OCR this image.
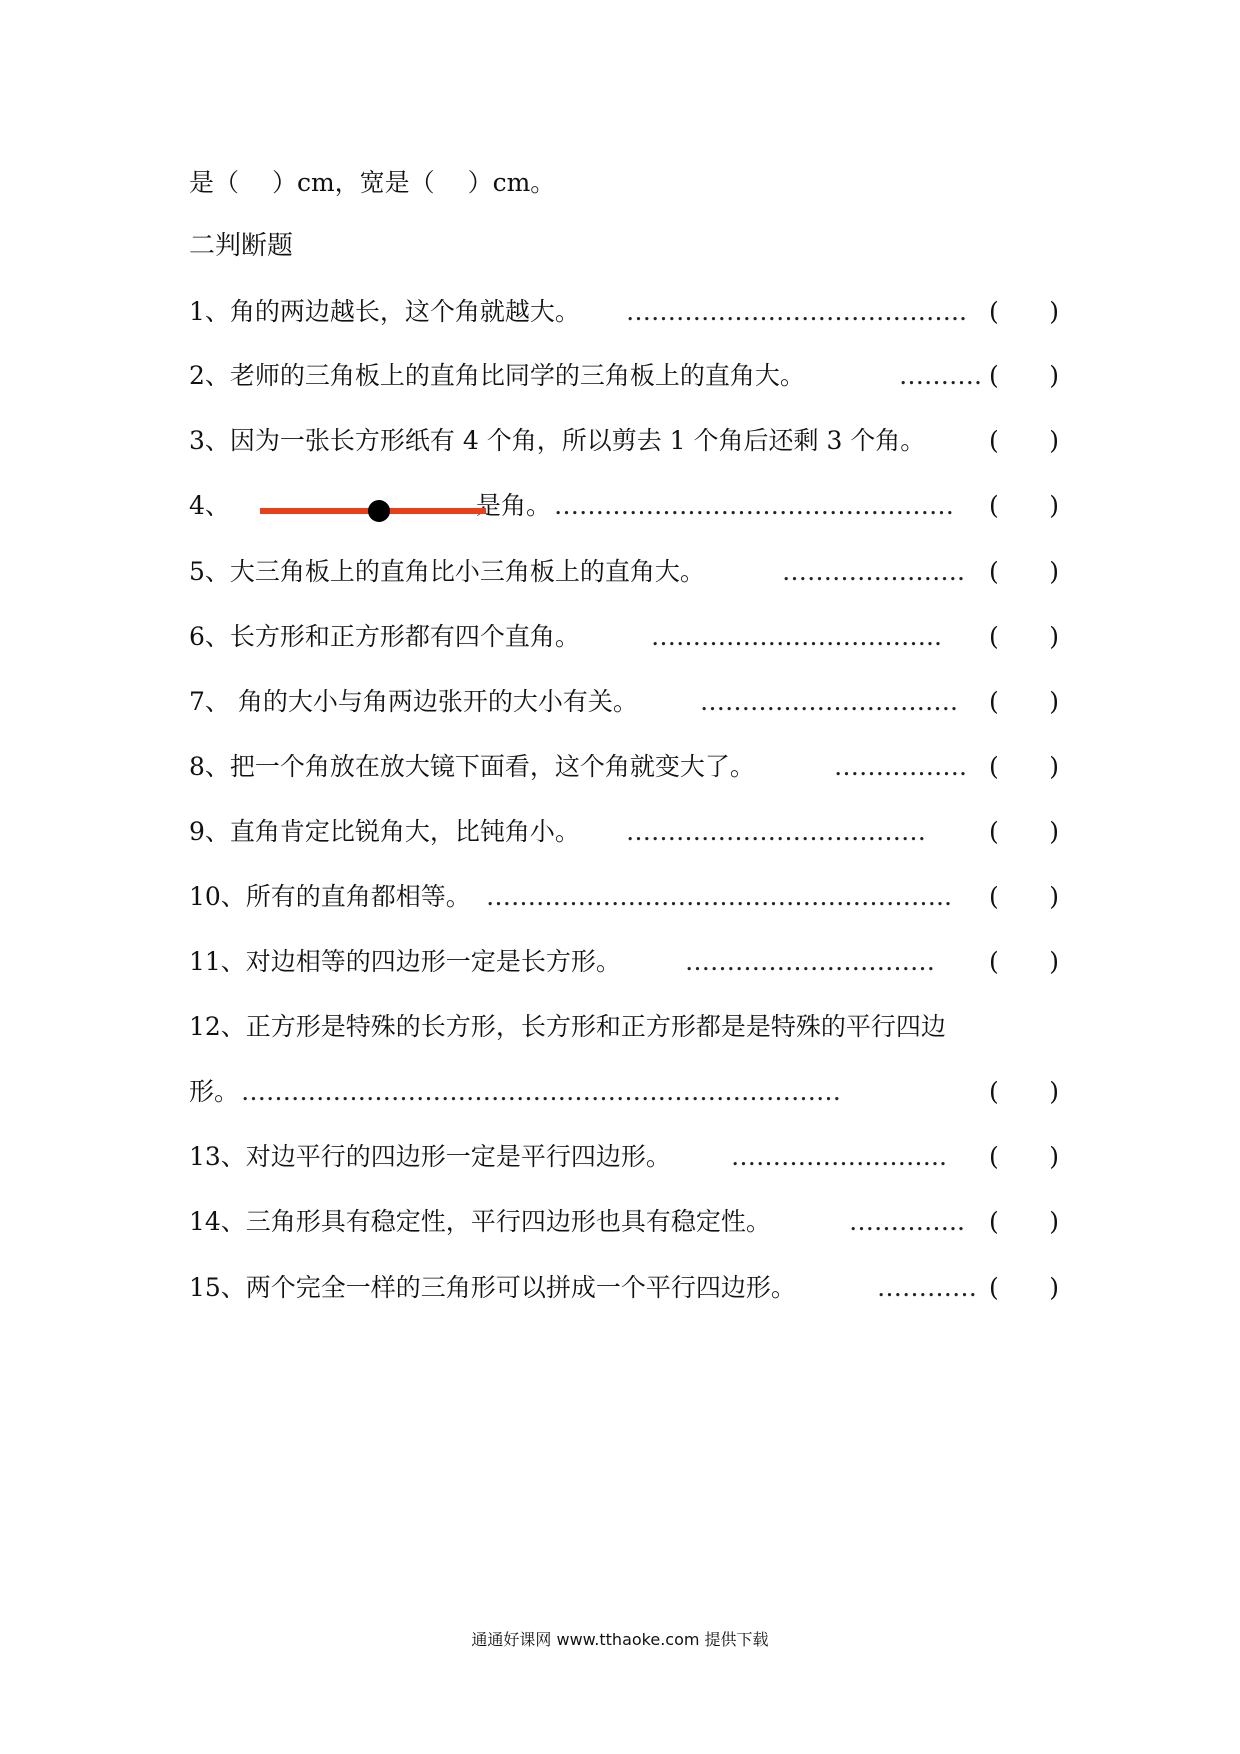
是（　 ）cm，宽是（　 ）cm。
二判断题
1、角的两边越长，这个角就越大。 ………………………………….. ( )
2、老师的三角板上的直角比同学的三角板上的直角大。	………. ( )
3、因为一张长方形纸有 4 个角，所以剪去 1 个角后还剩 3 个角。	( )
4、	是角。 ………………………………………… ( )
5、大三角板上的直角比小三角板上的直角大。	…………………. ( )
6、长方形和正方形都有四个直角。	…………………………….. ( )
7、 角的大小与角两边张开的大小有关。 …………………………. ( )
8、把一个角放在放大镜下面看，这个角就变大了。	……………. ( )
9、直角肯定比锐角大，比钝角小。 ………………………………	( )
10、所有的直角都相等。 ……………………………………………….. ( )
11、对边相等的四边形一定是长方形。	………………………… ( )
12、正方形是特殊的长方形，长方形和正方形都是是特殊的平行四边
形。 ………………………………………………………………	( )
13、对边平行的四边形一定是平行四边形。 …………………….. ( )
14、三角形具有稳定性，平行四边形也具有稳定性。	………….. ( )
15、两个完全一样的三角形可以拼成一个平行四边形。	………… ( )
通通好课网 www.tthaoke.com 提供下载
